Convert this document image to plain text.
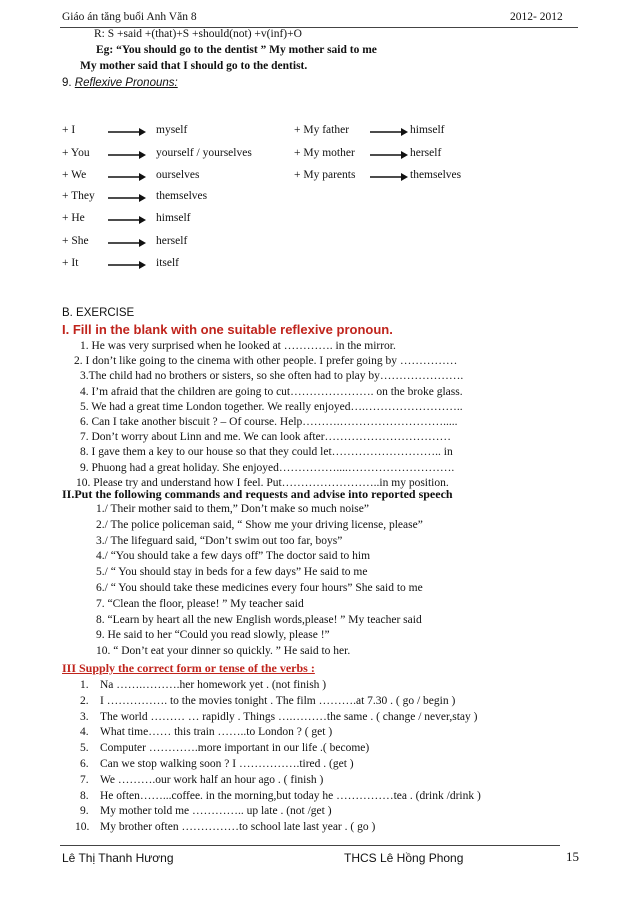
Giáo án tăng buổi Anh Văn 8	2012- 2012
R: S +said +(that)+S +should(not) +v(inf)+O
Eg: “You should go to the dentist ” My mother said to me
My mother said that I should go to the dentist.
9. Reflexive Pronouns:
+ I	myself
+ You	yourself / yourselves
+ We	ourselves
+ They	themselves
+ He	himself
+ She	herself
+ It	itself
+ My father	himself
+ My mother	herself
+ My parents	themselves
B. EXERCISE
I. Fill in the blank with one suitable reflexive pronoun.
1. He was very surprised when he looked at …………. in the mirror.
2. I don’t like going to the cinema with other people. I prefer going by ……………
3.The child had no brothers or sisters, so she often had to play by………………….
4. I’m afraid that the children are going to cut…………………. on the broke glass.
5. We had a great time London together. We really enjoyed….……………………..
6. Can I take another biscuit ? – Of course. Help……….……………………….....
7. Don’t worry about Linn and me. We can look after……………………………
8. I gave them a key to our house so that they could let……………………….. in
9. Phuong had a great holiday. She enjoyed……………....……………………….
10. Please try and understand how I feel. Put……………………..in my position.
II.Put the following commands and requests and advise into reported speech
1./ Their mother said to them,” Don’t make so much noise”
2./ The police policeman said, “ Show me your driving license, please”
3./ The lifeguard said, “Don’t swim out too far, boys”
4./ “You should take a few days off” The doctor said to him
5./ “ You should stay in beds for a few days” He said to me
6./ “ You should take these medicines every four hours” She said to me
7. “Clean the floor, please! ” My teacher said
8. “Learn by heart all the new English words,please! ” My teacher said
9. He said to her “Could you read slowly, please !”
10. “ Don’t eat your dinner so quickly. ” He said to her.
III Supply the correct form or tense of the verbs :
1. Na …….……….her homework yet . (not finish )
2. I ……………. to the movies tonight . The film ……….at 7.30 . ( go / begin )
3. The world ……… … rapidly . Things ….………the same . ( change / never,stay )
4. What time…… this train ……..to London ? ( get )
5. Computer ………….more important in our life .( become)
6. Can we stop walking soon ? I …………….tired . (get )
7. We ……….our work half an hour ago . ( finish )
8. He often……...coffee. in the morning,but today he ……………tea . (drink /drink )
9. My mother told me ………….. up late . (not /get )
10. My brother often ……………to school late last year . ( go )
Lê Thị Thanh Hương	THCS Lê Hồng Phong	15
